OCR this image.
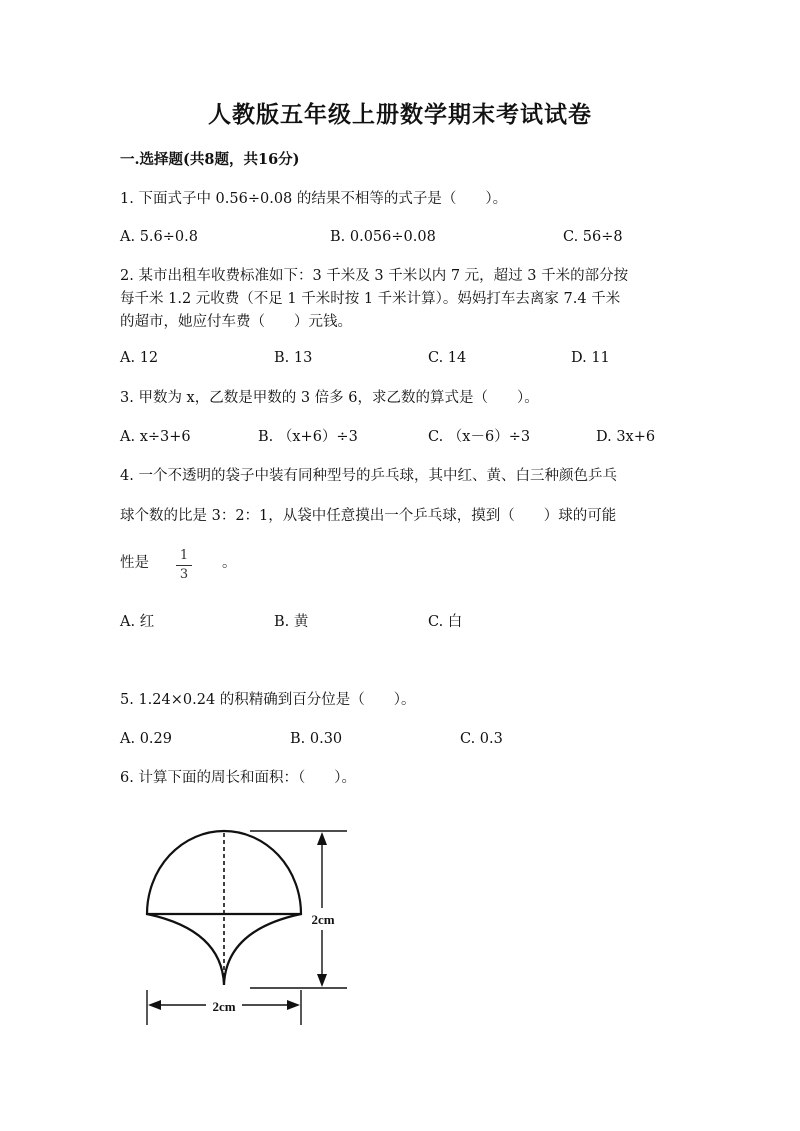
人教版五年级上册数学期末考试试卷
一.选择题(共8题，共16分)
1. 下面式子中 0.56÷0.08 的结果不相等的式子是（　　）。
A. 5.6÷0.8	B. 0.056÷0.08	C. 56÷8
2. 某市出租车收费标准如下：3 千米及 3 千米以内 7 元，超过 3 千米的部分按
每千米 1.2 元收费（不足 1 千米时按 1 千米计算）。妈妈打车去离家 7.4 千米
的超市，她应付车费（　　）元钱。
A. 12	B. 13	C. 14	D. 11
3. 甲数为 x，乙数是甲数的 3 倍多 6，求乙数的算式是（　　）。
A. x÷3+6	B. （x+6）÷3	C. （x－6）÷3	D. 3x+6
4. 一个不透明的袋子中装有同种型号的乒乓球，其中红、黄、白三种颜色乒乓
球个数的比是 3：2：1，从袋中任意摸出一个乒乓球，摸到（　　）球的可能
性是	1
3
。
A. 红	B. 黄	C. 白
5. 1.24×0.24 的积精确到百分位是（　　）。
A. 0.29	B. 0.30	C. 0.3
6. 计算下面的周长和面积：（　　）。
2cm
2cm
